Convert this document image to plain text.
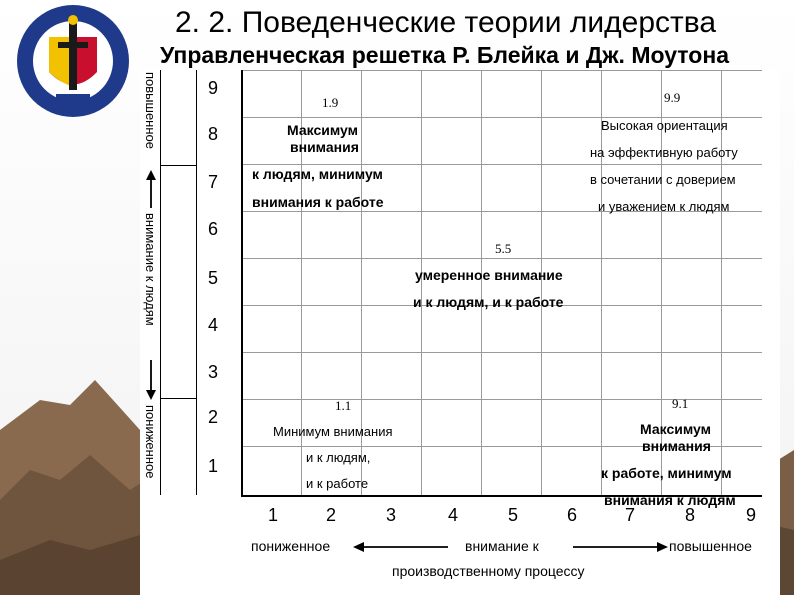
2. 2. Поведенческие теории лидерства
Управленческая решетка Р. Блейка и Дж. Моутона
повышенное
внимание к людям
пониженное
9
8
7
6
5
4
3
2
1
1	2	3	4	5	6	7	8	9
пониженное	внимание к
производственному процессу
повышенное
1.9
Максимум
внимания
к людям, минимум
внимания к работе
9.9
Высокая ориентация
на эффективную работу
в сочетании с доверием
и уважением к людям
5.5
умеренное внимание
и к людям, и к работе
1.1
Минимум внимания
и к людям,
и к работе
9.1
Максимум
внимания
к работе, минимум
внимания к людям
